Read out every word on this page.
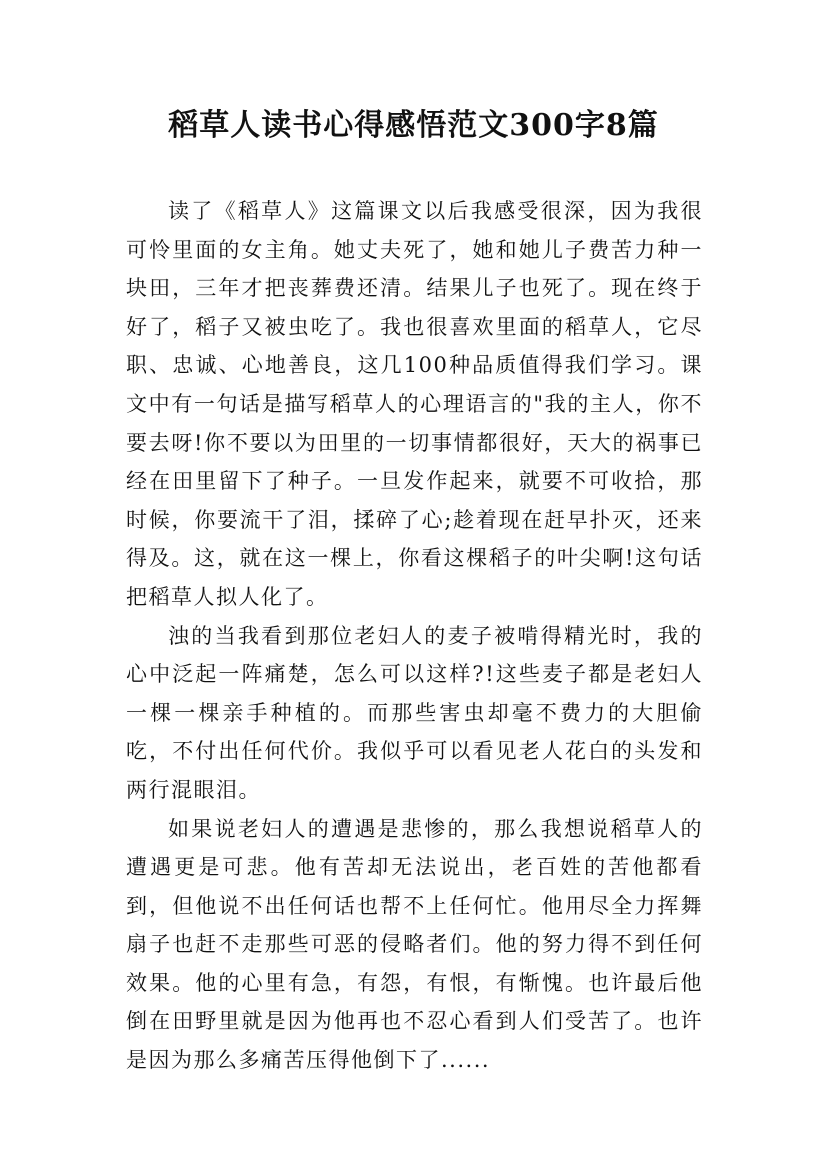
稻草人读书心得感悟范文300字8篇

读了《稻草人》这篇课文以后我感受很深，因为我很可怜里面的女主角。她丈夫死了，她和她儿子费苦力种一块田，三年才把丧葬费还清。结果儿子也死了。现在终于好了，稻子又被虫吃了。我也很喜欢里面的稻草人，它尽职、忠诚、心地善良，这几100种品质值得我们学习。课文中有一句话是描写稻草人的心理语言的"我的主人，你不要去呀!你不要以为田里的一切事情都很好，天大的祸事已经在田里留下了种子。一旦发作起来，就要不可收拾，那时候，你要流干了泪，揉碎了心;趁着现在赶早扑灭，还来得及。这，就在这一棵上，你看这棵稻子的叶尖啊!这句话把稻草人拟人化了。

浊的当我看到那位老妇人的麦子被啃得精光时，我的心中泛起一阵痛楚，怎么可以这样?!这些麦子都是老妇人一棵一棵亲手种植的。而那些害虫却毫不费力的大胆偷吃，不付出任何代价。我似乎可以看见老人花白的头发和两行混眼泪。

如果说老妇人的遭遇是悲惨的，那么我想说稻草人的遭遇更是可悲。他有苦却无法说出，老百姓的苦他都看到，但他说不出任何话也帮不上任何忙。他用尽全力挥舞扇子也赶不走那些可恶的侵略者们。他的努力得不到任何效果。他的心里有急，有怨，有恨，有惭愧。也许最后他倒在田野里就是因为他再也不忍心看到人们受苦了。也许是因为那么多痛苦压得他倒下了......
